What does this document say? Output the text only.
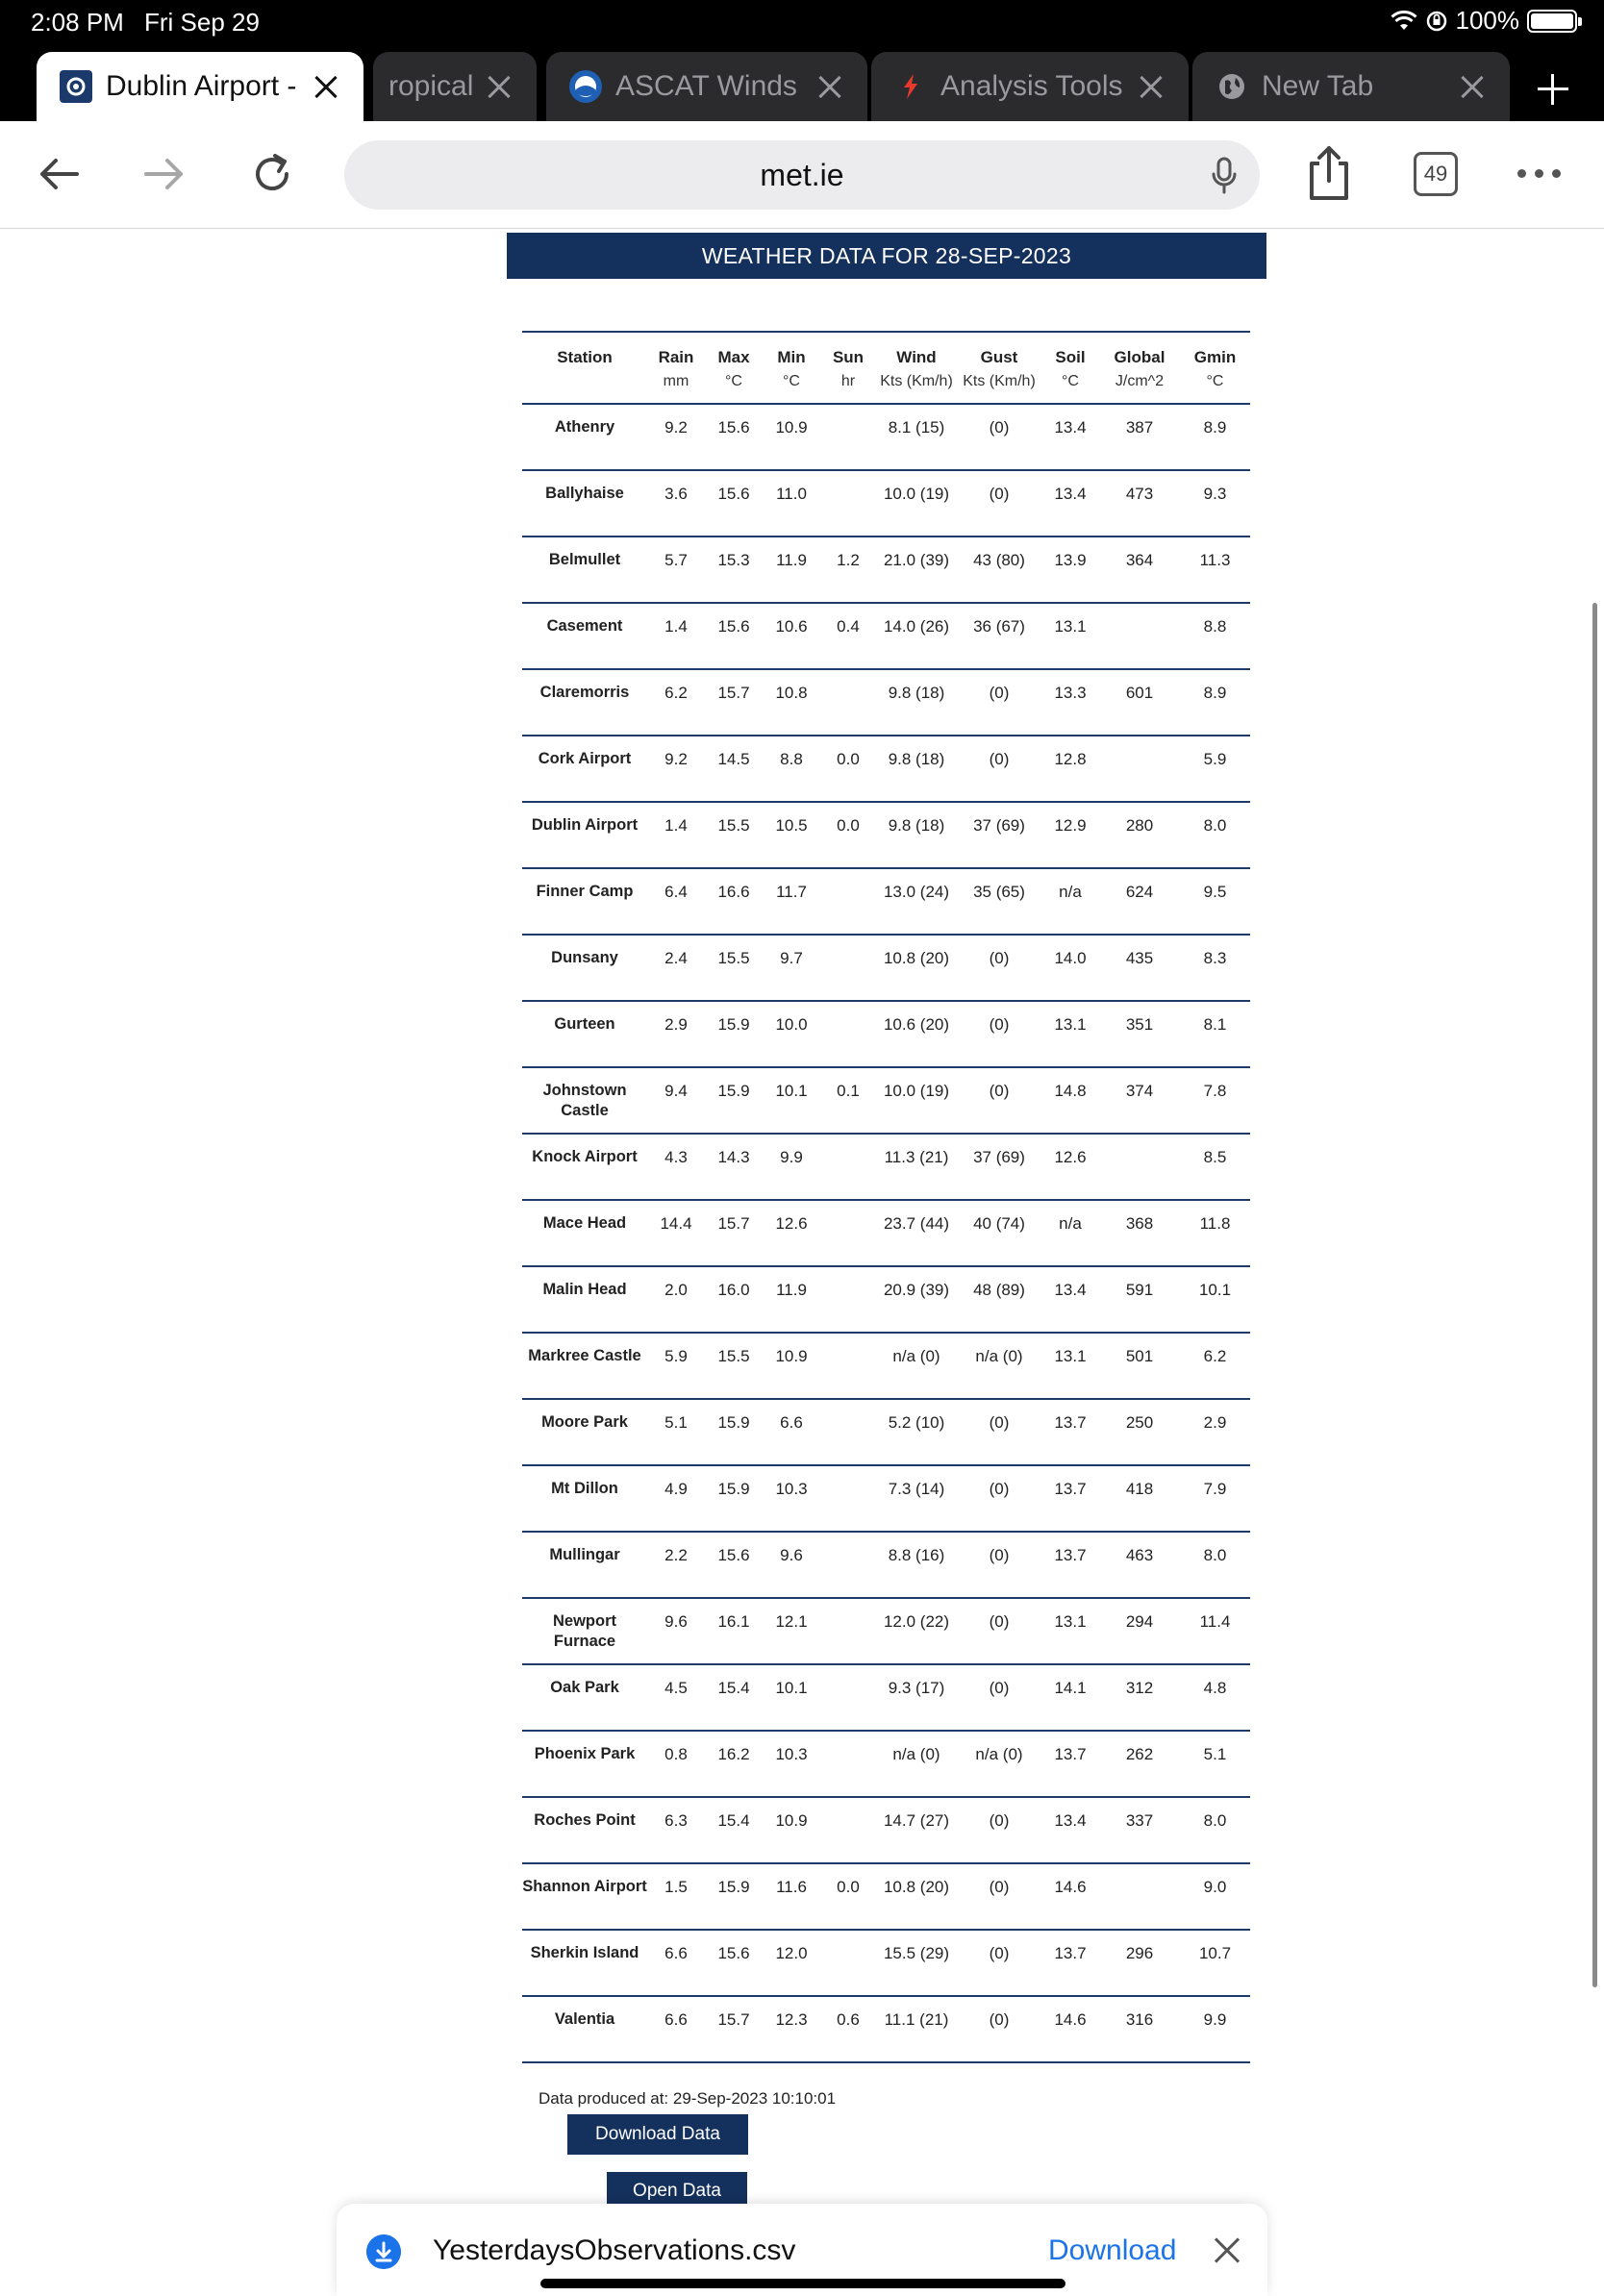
2:08 PM Fri Sep 29	100%
Dublin Airport -	ropical	ASCAT Winds	Analysis Tools	New Tab
met.ie	49
WEATHER DATA FOR 28-SEP-2023
Station	Rain	Max	Min	Sun	Wind	Gust	Soil	Global	Gmin
	mm	°C	°C	hr	Kts (Km/h)	Kts (Km/h)	°C	J/cm^2	°C
Athenry	9.2	15.6	10.9		8.1 (15)	(0)	13.4	387	8.9
Ballyhaise	3.6	15.6	11.0		10.0 (19)	(0)	13.4	473	9.3
Belmullet	5.7	15.3	11.9	1.2	21.0 (39)	43 (80)	13.9	364	11.3
Casement	1.4	15.6	10.6	0.4	14.0 (26)	36 (67)	13.1		8.8
Claremorris	6.2	15.7	10.8		9.8 (18)	(0)	13.3	601	8.9
Cork Airport	9.2	14.5	8.8	0.0	9.8 (18)	(0)	12.8		5.9
Dublin Airport	1.4	15.5	10.5	0.0	9.8 (18)	37 (69)	12.9	280	8.0
Finner Camp	6.4	16.6	11.7		13.0 (24)	35 (65)	n/a	624	9.5
Dunsany	2.4	15.5	9.7		10.8 (20)	(0)	14.0	435	8.3
Gurteen	2.9	15.9	10.0		10.6 (20)	(0)	13.1	351	8.1
Johnstown Castle	9.4	15.9	10.1	0.1	10.0 (19)	(0)	14.8	374	7.8
Knock Airport	4.3	14.3	9.9		11.3 (21)	37 (69)	12.6		8.5
Mace Head	14.4	15.7	12.6		23.7 (44)	40 (74)	n/a	368	11.8
Malin Head	2.0	16.0	11.9		20.9 (39)	48 (89)	13.4	591	10.1
Markree Castle	5.9	15.5	10.9		n/a (0)	n/a (0)	13.1	501	6.2
Moore Park	5.1	15.9	6.6		5.2 (10)	(0)	13.7	250	2.9
Mt Dillon	4.9	15.9	10.3		7.3 (14)	(0)	13.7	418	7.9
Mullingar	2.2	15.6	9.6		8.8 (16)	(0)	13.7	463	8.0
Newport Furnace	9.6	16.1	12.1		12.0 (22)	(0)	13.1	294	11.4
Oak Park	4.5	15.4	10.1		9.3 (17)	(0)	14.1	312	4.8
Phoenix Park	0.8	16.2	10.3		n/a (0)	n/a (0)	13.7	262	5.1
Roches Point	6.3	15.4	10.9		14.7 (27)	(0)	13.4	337	8.0
Shannon Airport	1.5	15.9	11.6	0.0	10.8 (20)	(0)	14.6		9.0
Sherkin Island	6.6	15.6	12.0		15.5 (29)	(0)	13.7	296	10.7
Valentia	6.6	15.7	12.3	0.6	11.1 (21)	(0)	14.6	316	9.9
Data produced at: 29-Sep-2023 10:10:01
Download Data
Open Data
YesterdaysObservations.csv	Download
